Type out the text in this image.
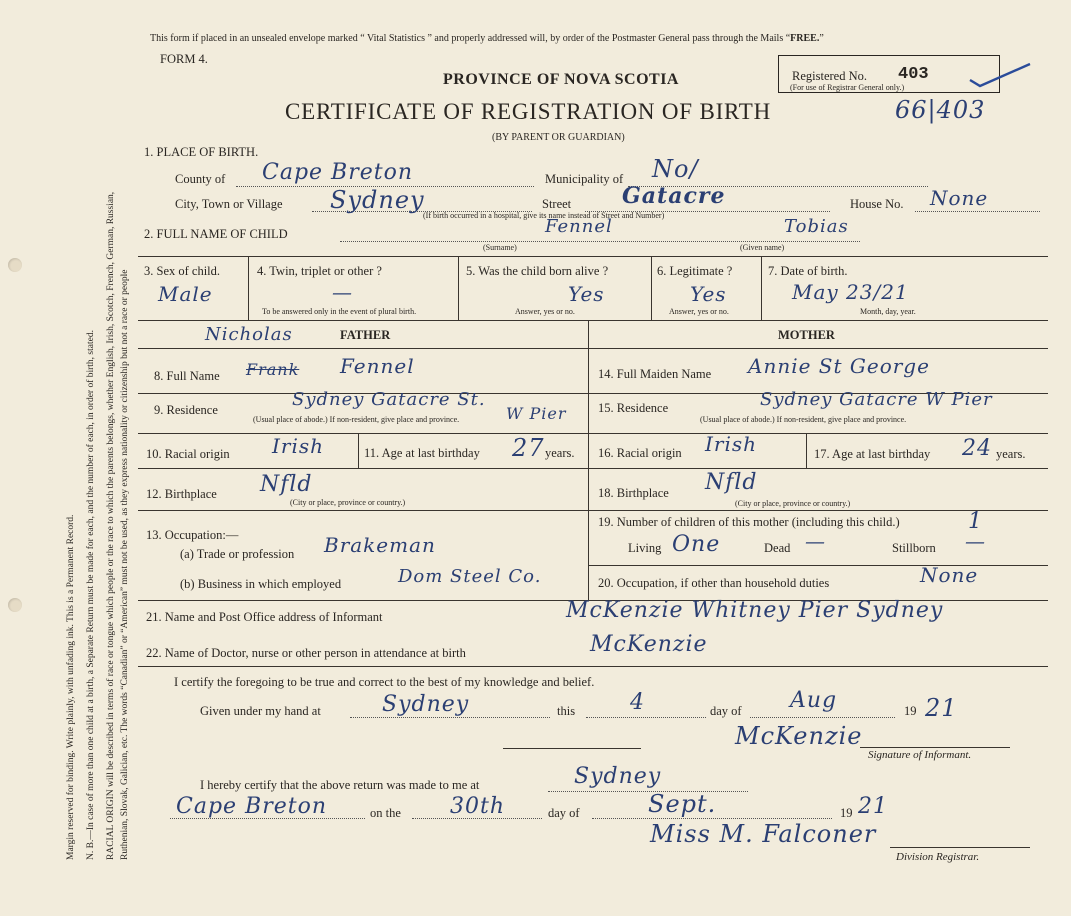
Margin reserved for binding. Write plainly, with unfading ink. This is a Permanent Record. N. B.—In case of more than one child at a birth, a Separate Return must be made for each, and the number of each, in order of birth, stated. RACIAL ORIGIN will be described in terms of race or tongue which people or the race to which the parents belongs, whether English, Irish, Scotch, French, German, Russian, Ruthenian, Slovak, Galician, etc. The words “Canadian” or “American” must not be used, as they express nationality or citizenship but not a race or people
This form if placed in an unsealed envelope marked “ Vital Statistics ” and properly addressed will, by order of the Postmaster General pass through the Mails “FREE.”
FORM 4.
Registered No. 403
(For use of Registrar General only.)
PROVINCE OF NOVA SCOTIA
CERTIFICATE OF REGISTRATION OF BIRTH	66|403
(BY PARENT OR GUARDIAN)
1. PLACE OF BIRTH.
County of Cape Breton	Municipality of No/
City, Town or Village Sydney	Street Gatacre	House No. None
(If birth occurred in a hospital, give its name instead of Street and Number)
2. FULL NAME OF CHILD	Fennel	Tobias
(Surname)	(Given name)
3. Sex of child.
Male
4. Twin, triplet or other ?
—
To be answered only in the event of plural birth.
5. Was the child born alive ?
Yes
Answer, yes or no.
6. Legitimate ?
Yes
Answer, yes or no.
7. Date of birth.
May 23/21
Month, day, year.
Nicholas	FATHER	MOTHER
8. Full Name Frank Fennel	14. Full Maiden Name Annie St George
9. Residence	Sydney Gatacre St.
W Pier
(Usual place of abode.) If non-resident, give place and province.
15. Residence	Sydney Gatacre W Pier
(Usual place of abode.) If non-resident, give place and province.
10. Racial origin Irish	11. Age at last birthday 27 years. 16. Racial origin Irish	17. Age at last birthday 24 years.
12. Birthplace Nfld
(City or place, province or country.)
18. Birthplace Nfld
(City or place, province or country.)
13. Occupation:—
(a) Trade or profession Brakeman
(b) Business in which employed	Dom Steel Co.
19. Number of children of this mother (including this child.)	1
Living One	Dead —	Stillborn —
20. Occupation, if other than household duties	None
21. Name and Post Office address of Informant	McKenzie Whitney Pier Sydney
22. Name of Doctor, nurse or other person in attendance at birth	McKenzie
I certify the foregoing to be true and correct to the best of my knowledge and belief.
Given under my hand at	Sydney	this 4	day of Aug	19 21
McKenzie
Signature of Informant.
I hereby certify that the above return was made to me at	Sydney
Cape Breton	on the 30th	day of	Sept.	19 21
Miss M. Falconer
Division Registrar.
